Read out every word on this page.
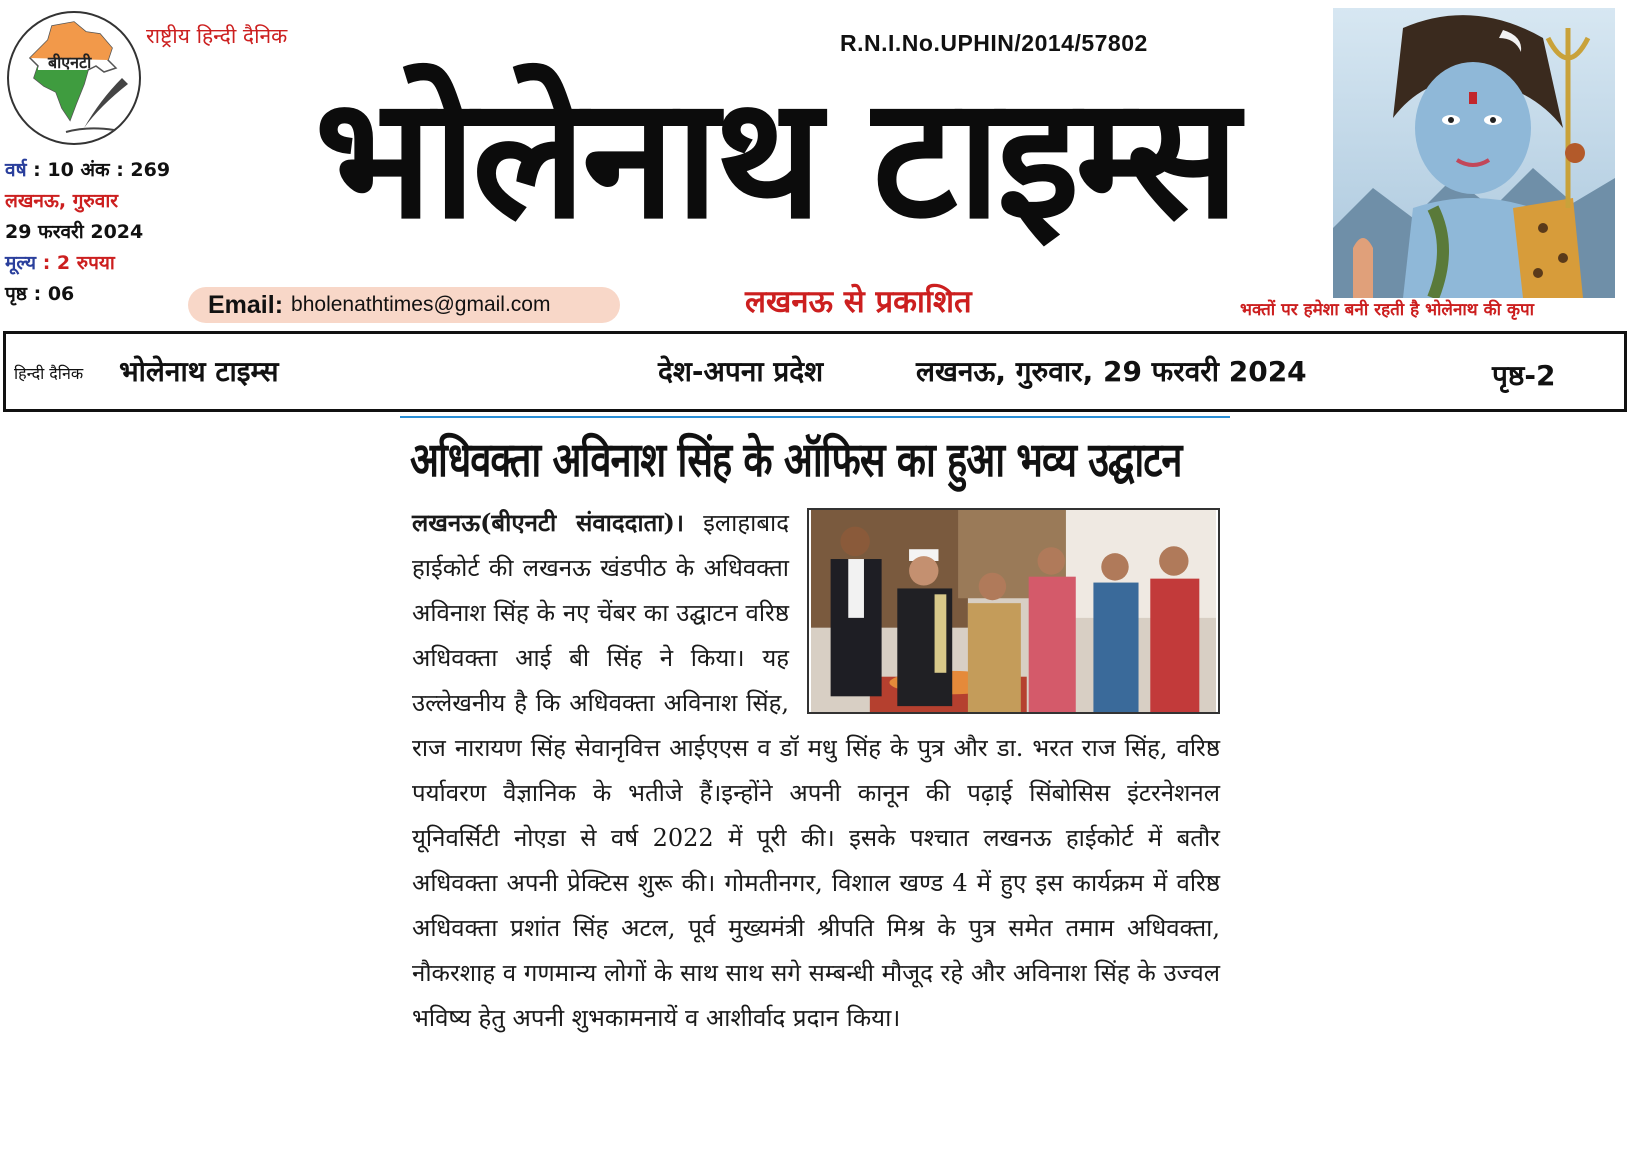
बीएनटी
राष्ट्रीय हिन्दी दैनिक
वर्ष : 10 अंक : 269
लखनऊ, गुरुवार
29 फरवरी 2024
मूल्य : 2 रुपया
पृष्ठ : 06
R.N.I.No.UPHIN/2014/57802
भोलेनाथ टाइम्स
Email: bholenathtimes@gmail.com	लखनऊ से प्रकाशित	भक्तों पर हमेशा बनी रहती है भोलेनाथ की कृपा
हिन्दी दैनिक भोलेनाथ टाइम्स	देश-अपना प्रदेश	लखनऊ, गुरुवार, 29 फरवरी 2024	पृष्ठ-2
अधिवक्ता अविनाश सिंह के ऑफिस का हुआ भव्य उद्घाटन
लखनऊ(बीएनटी संवाददाता)। इलाहाबाद हाईकोर्ट की लखनऊ खंडपीठ के अधिवक्ता अविनाश सिंह के नए चेंबर का उद्घाटन वरिष्ठ अधिवक्ता आई बी सिंह ने किया। यह उल्लेखनीय है कि अधिवक्ता अविनाश सिंह, राज नारायण सिंह सेवानृवित्त आईएएस व डॉ मधु सिंह के पुत्र और डा. भरत राज सिंह, वरिष्ठ पर्यावरण वैज्ञानिक के भतीजे हैं।इन्होंने अपनी कानून की पढ़ाई सिंबोसिस इंटरनेशनल यूनिवर्सिटी नोएडा से वर्ष 2022 में पूरी की। इसके पश्चात लखनऊ हाईकोर्ट में बतौर अधिवक्ता अपनी प्रेक्टिस शुरू की। गोमतीनगर, विशाल खण्ड 4 में हुए इस कार्यक्रम में वरिष्ठ अधिवक्ता प्रशांत सिंह अटल, पूर्व मुख्यमंत्री श्रीपति मिश्र के पुत्र समेत तमाम अधिवक्ता, नौकरशाह व गणमान्य लोगों के साथ साथ सगे सम्बन्धी मौजूद रहे और अविनाश सिंह के उज्वल भविष्य हेतु अपनी शुभकामनायें व आशीर्वाद प्रदान किया।
